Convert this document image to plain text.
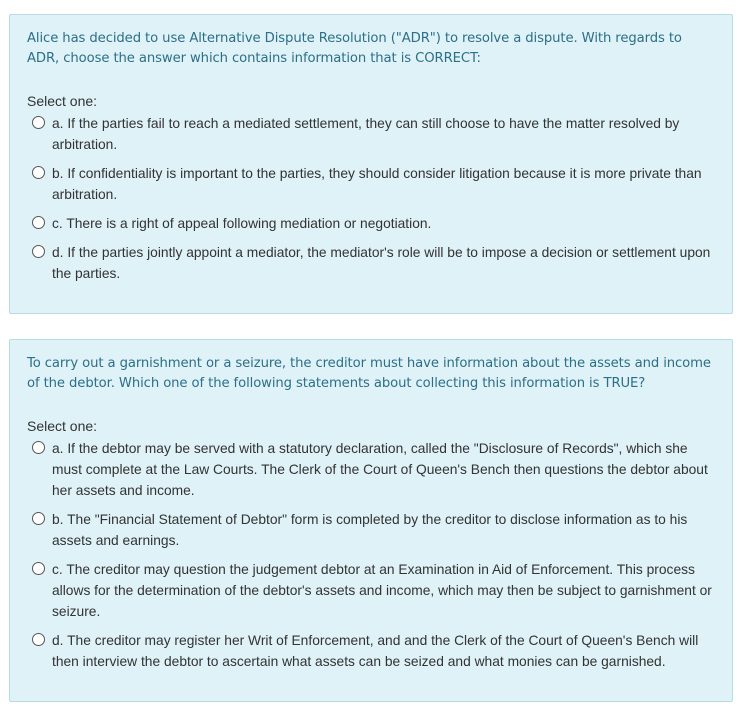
Alice has decided to use Alternative Dispute Resolution ("ADR") to resolve a dispute. With regards to ADR, choose the answer which contains information that is CORRECT:

Select one:

a. If the parties fail to reach a mediated settlement, they can still choose to have the matter resolved by arbitration.
b. If confidentiality is important to the parties, they should consider litigation because it is more private than arbitration.
c. There is a right of appeal following mediation or negotiation.
d. If the parties jointly appoint a mediator, the mediator's role will be to impose a decision or settlement upon the parties.

To carry out a garnishment or a seizure, the creditor must have information about the assets and income of the debtor. Which one of the following statements about collecting this information is TRUE?

Select one:

a. If the debtor may be served with a statutory declaration, called the "Disclosure of Records", which she must complete at the Law Courts. The Clerk of the Court of Queen's Bench then questions the debtor about her assets and income.
b. The "Financial Statement of Debtor" form is completed by the creditor to disclose information as to his assets and earnings.
c. The creditor may question the judgement debtor at an Examination in Aid of Enforcement. This process allows for the determination of the debtor's assets and income, which may then be subject to garnishment or seizure.
d. The creditor may register her Writ of Enforcement, and and the Clerk of the Court of Queen's Bench will then interview the debtor to ascertain what assets can be seized and what monies can be garnished.
